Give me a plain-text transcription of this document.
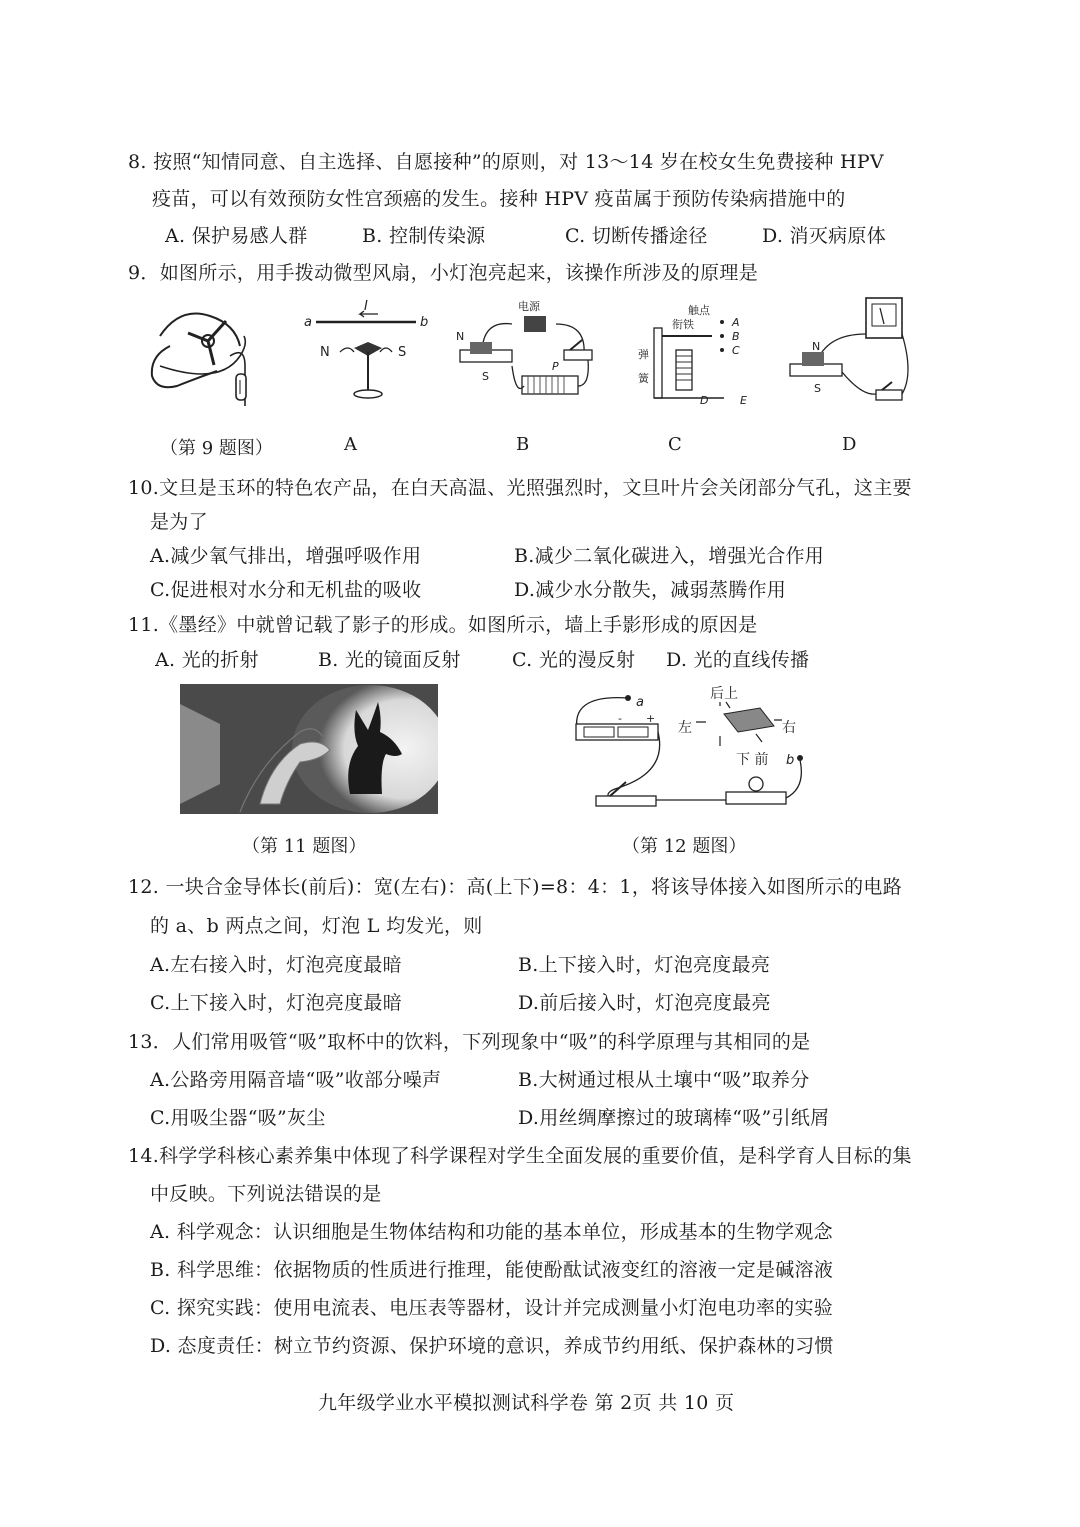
8. 按照“知情同意、自主选择、自愿接种”的原则，对 13～14 岁在校女生免费接种 HPV
疫苗，可以有效预防女性宫颈癌的发生。接种 HPV 疫苗属于预防传染病措施中的
A. 保护易感人群	B. 控制传染源	C. 切断传播途径	D. 消灭病原体
9．如图所示，用手拨动微型风扇，小灯泡亮起来，该操作所涉及的原理是
a	b
I
N	S
电源
N
S
P
触点
衔铁
弹
簧
A
B
C
D	E
N
S
（第 9 题图）	A	B	C	D
10.文旦是玉环的特色农产品，在白天高温、光照强烈时，文旦叶片会关闭部分气孔，这主要
是为了
A.减少氧气排出，增强呼吸作用	B.减少二氧化碳进入，增强光合作用
C.促进根对水分和无机盐的吸收	D.减少水分散失，减弱蒸腾作用
11.《墨经》中就曾记载了影子的形成。如图所示，墙上手影形成的原因是
A. 光的折射	B. 光的镜面反射	C. 光的漫反射 D. 光的直线传播
（第 11 题图）
a
- +
b
后上
左	右
下 前
（第 12 题图）
12. 一块合金导体长(前后)：宽(左右)：高(上下)=8：4：1，将该导体接入如图所示的电路
的 a、b 两点之间，灯泡 L 均发光，则
A.左右接入时，灯泡亮度最暗	B.上下接入时，灯泡亮度最亮
C.上下接入时，灯泡亮度最暗	D.前后接入时，灯泡亮度最亮
13．人们常用吸管“吸”取杯中的饮料，下列现象中“吸”的科学原理与其相同的是
A.公路旁用隔音墙“吸”收部分噪声	B.大树通过根从土壤中“吸”取养分
C.用吸尘器“吸”灰尘	D.用丝绸摩擦过的玻璃棒“吸”引纸屑
14.科学学科核心素养集中体现了科学课程对学生全面发展的重要价值，是科学育人目标的集
中反映。下列说法错误的是
A. 科学观念：认识细胞是生物体结构和功能的基本单位，形成基本的生物学观念
B. 科学思维：依据物质的性质进行推理，能使酚酞试液变红的溶液一定是碱溶液
C. 探究实践：使用电流表、电压表等器材，设计并完成测量小灯泡电功率的实验
D. 态度责任：树立节约资源、保护环境的意识，养成节约用纸、保护森林的习惯
九年级学业水平模拟测试科学卷 第 2页 共 10 页
